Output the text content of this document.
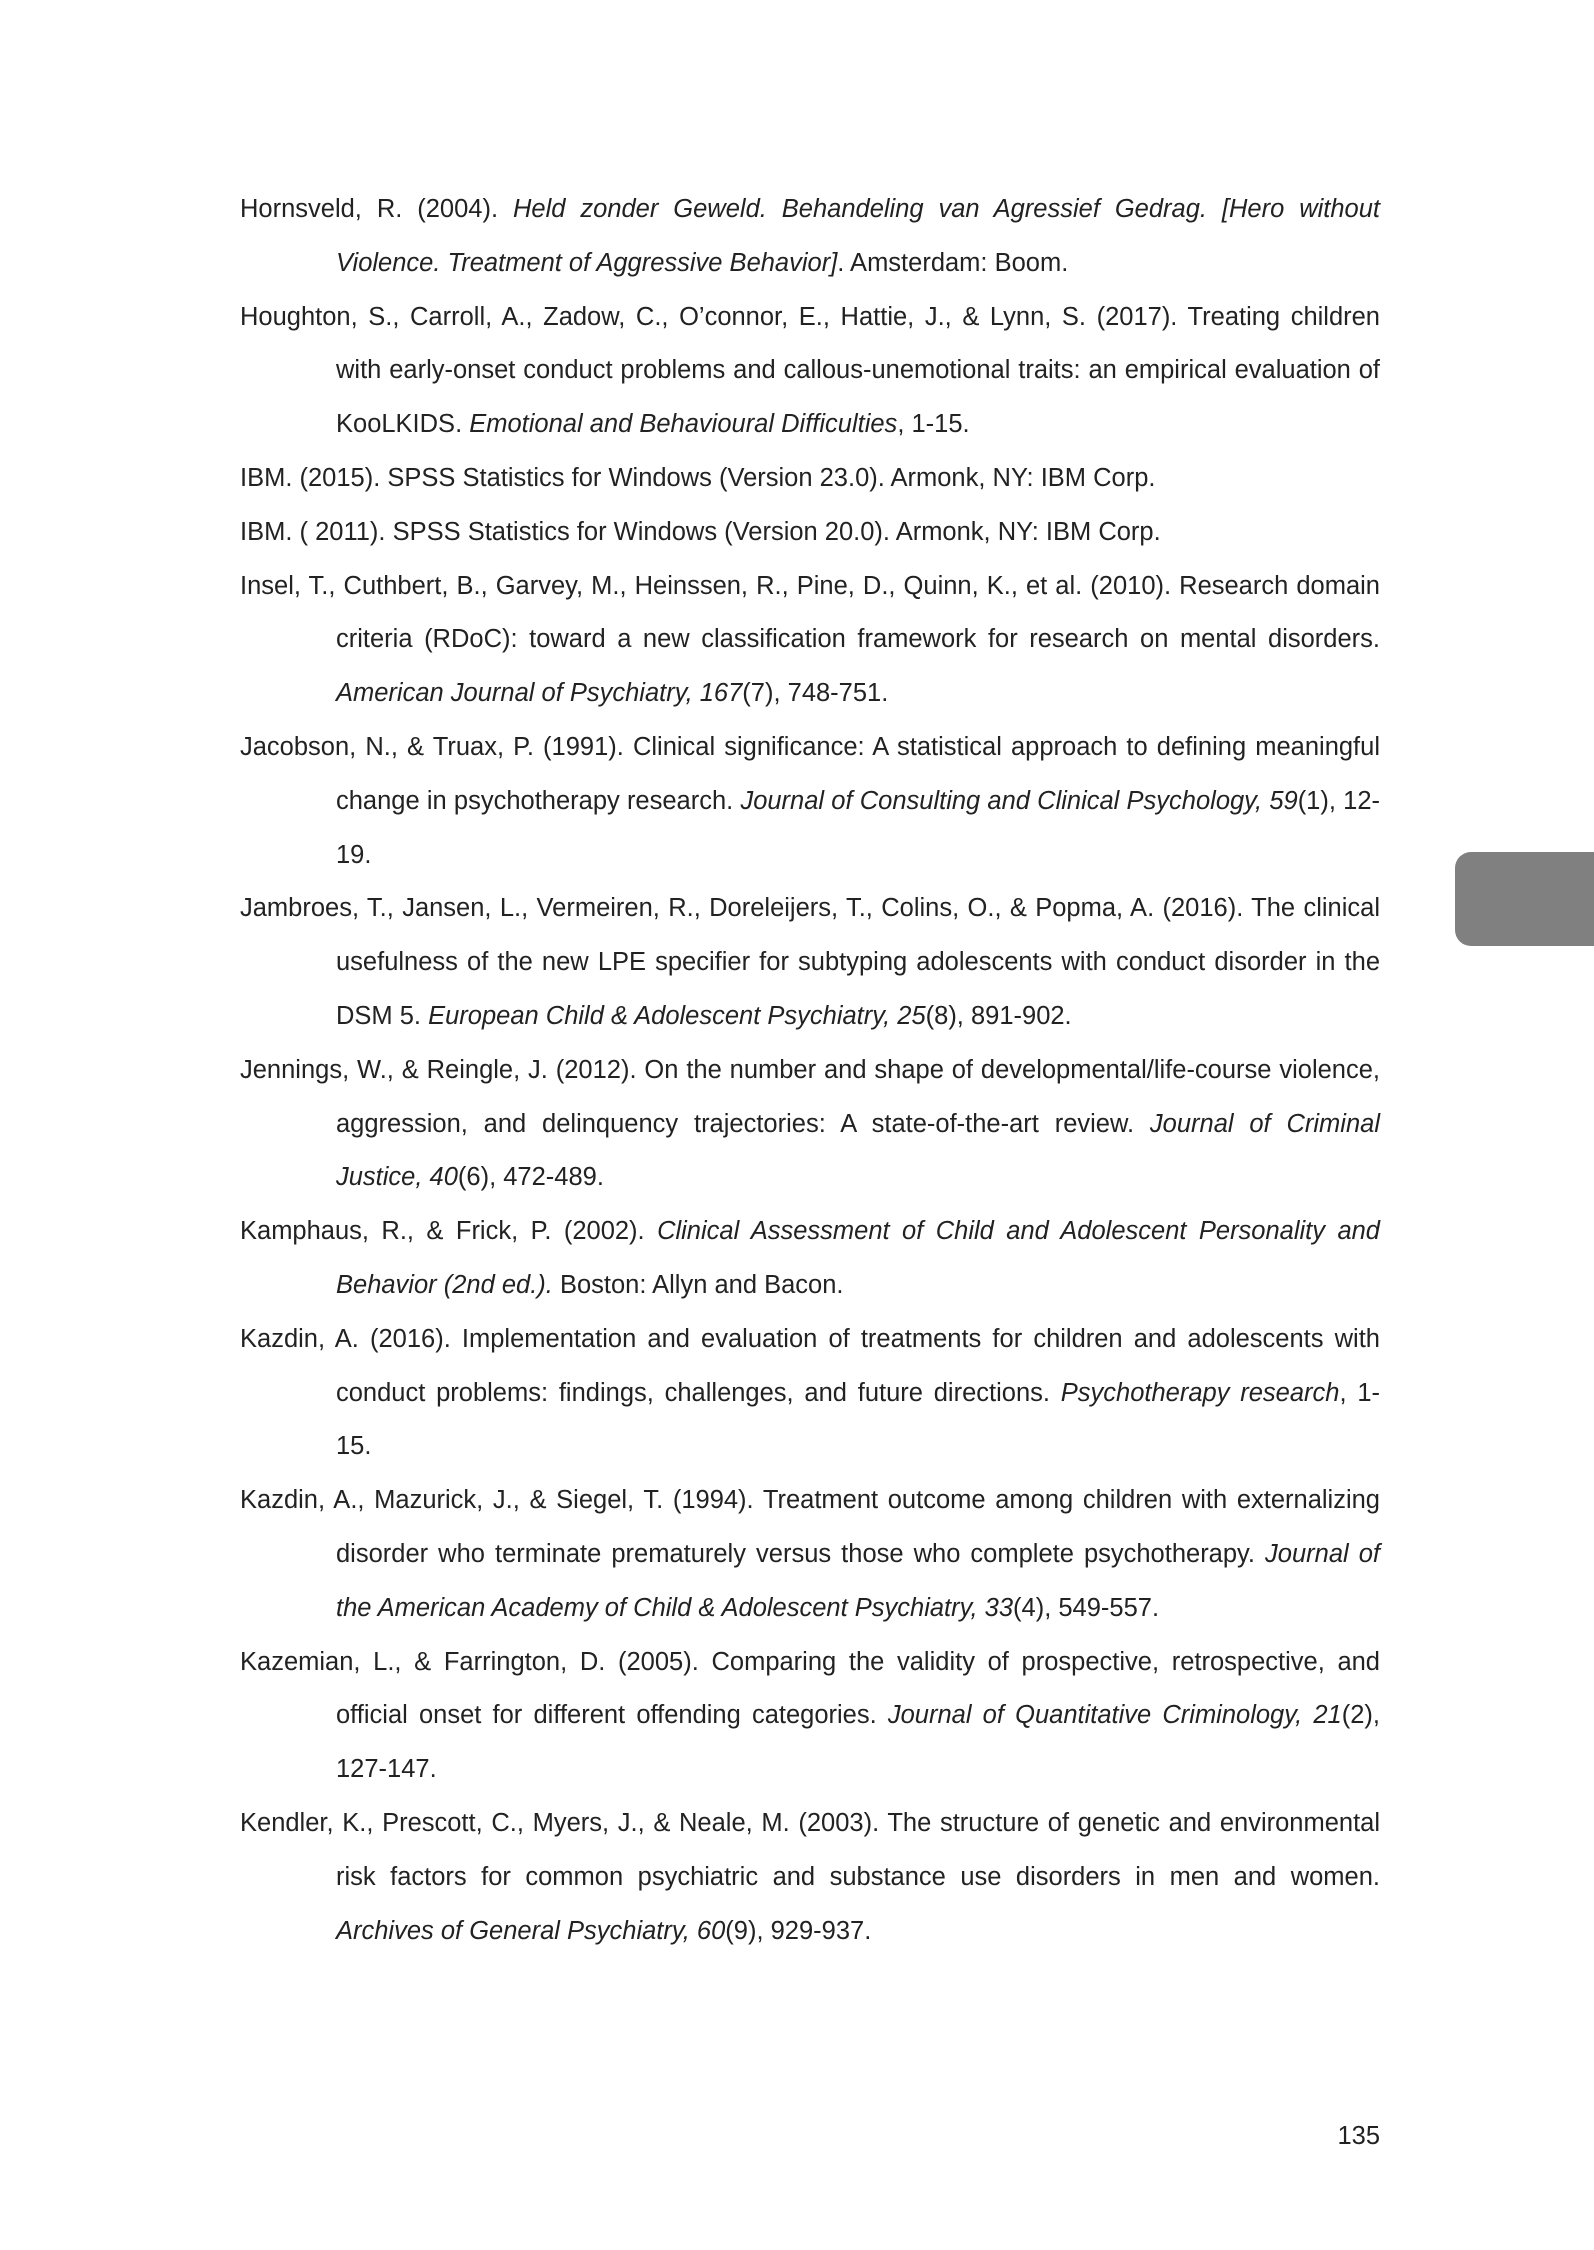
Hornsveld, R. (2004). Held zonder Geweld. Behandeling van Agressief Gedrag. [Hero without Violence. Treatment of Aggressive Behavior]. Amsterdam: Boom.
Houghton, S., Carroll, A., Zadow, C., O’connor, E., Hattie, J., & Lynn, S. (2017). Treating children with early-onset conduct problems and callous-unemotional traits: an empirical evaluation of KooLKIDS. Emotional and Behavioural Difficulties, 1-15.
IBM. (2015). SPSS Statistics for Windows (Version 23.0). Armonk, NY: IBM Corp.
IBM. ( 2011). SPSS Statistics for Windows (Version 20.0). Armonk, NY: IBM Corp.
Insel, T., Cuthbert, B., Garvey, M., Heinssen, R., Pine, D., Quinn, K., et al. (2010). Research domain criteria (RDoC): toward a new classification framework for research on mental disorders. American Journal of Psychiatry, 167(7), 748-751.
Jacobson, N., & Truax, P. (1991). Clinical significance: A statistical approach to defining meaningful change in psychotherapy research. Journal of Consulting and Clinical Psychology, 59(1), 12-19.
Jambroes, T., Jansen, L., Vermeiren, R., Doreleijers, T., Colins, O., & Popma, A. (2016). The clinical usefulness of the new LPE specifier for subtyping adolescents with conduct disorder in the DSM 5. European Child & Adolescent Psychiatry, 25(8), 891-902.
Jennings, W., & Reingle, J. (2012). On the number and shape of developmental/life-course violence, aggression, and delinquency trajectories: A state-of-the-art review. Journal of Criminal Justice, 40(6), 472-489.
Kamphaus, R., & Frick, P. (2002). Clinical Assessment of Child and Adolescent Personality and Behavior (2nd ed.). Boston: Allyn and Bacon.
Kazdin, A. (2016). Implementation and evaluation of treatments for children and adolescents with conduct problems: findings, challenges, and future directions. Psychotherapy research, 1-15.
Kazdin, A., Mazurick, J., & Siegel, T. (1994). Treatment outcome among children with externalizing disorder who terminate prematurely versus those who complete psychotherapy. Journal of the American Academy of Child & Adolescent Psychiatry, 33(4), 549-557.
Kazemian, L., & Farrington, D. (2005). Comparing the validity of prospective, retrospective, and official onset for different offending categories. Journal of Quantitative Criminology, 21(2), 127-147.
Kendler, K., Prescott, C., Myers, J., & Neale, M. (2003). The structure of genetic and environmental risk factors for common psychiatric and substance use disorders in men and women. Archives of General Psychiatry, 60(9), 929-937.
135
